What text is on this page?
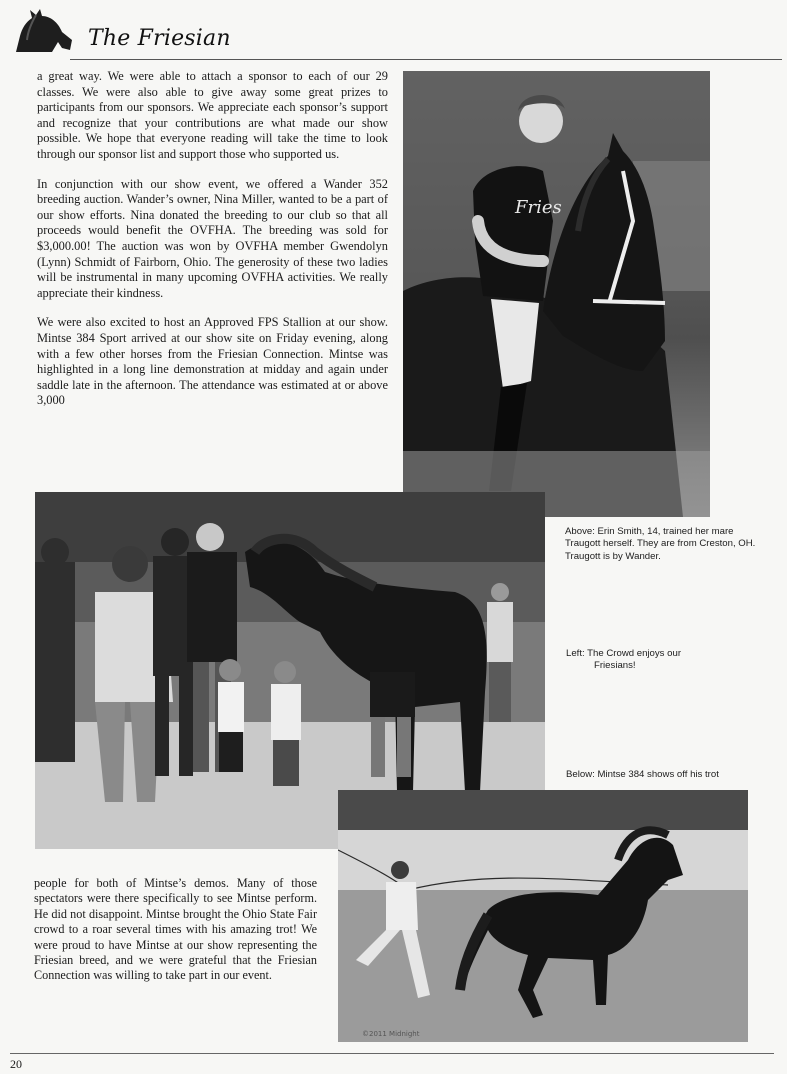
The Friesian

a great way. We were able to attach a sponsor to each of our 29 classes. We were also able to give away some great prizes to participants from our sponsors. We appreciate each sponsor’s support and recognize that your contributions are what made our show possible. We hope that everyone reading will take the time to look through our sponsor list and support those who supported us.

In conjunction with our show event, we offered a Wander 352 breeding auction. Wander’s owner, Nina Miller, wanted to be a part of our show efforts. Nina donated the breeding to our club so that all proceeds would benefit the OVFHA. The breeding was sold for $3,000.00! The auction was won by OVFHA member Gwendolyn (Lynn) Schmidt of Fairborn, Ohio. The generosity of these two ladies will be instrumental in many upcoming OVFHA activities. We really appreciate their kindness.

We were also excited to host an Approved FPS Stallion at our show. Mintse 384 Sport arrived at our show site on Friday evening, along with a few other horses from the Friesian Connection. Mintse was highlighted in a long line demonstration at midday and again under saddle late in the afternoon. The attendance was estimated at or above 3,000

Fries
Above: Erin Smith, 14, trained her mare Traugott herself. They are from Creston, OH. Traugott is by Wander.
Left: The Crowd enjoys our
Friesians!
Below: Mintse 384 shows off his trot
©2011 Midnight

people for both of Mintse’s demos. Many of those spectators were there specifically to see Mintse perform. He did not disappoint. Mintse brought the Ohio State Fair crowd to a roar several times with his amazing trot! We were proud to have Mintse at our show representing the Friesian breed, and we were grateful that the Friesian Connection was willing to take part in our event.

20
